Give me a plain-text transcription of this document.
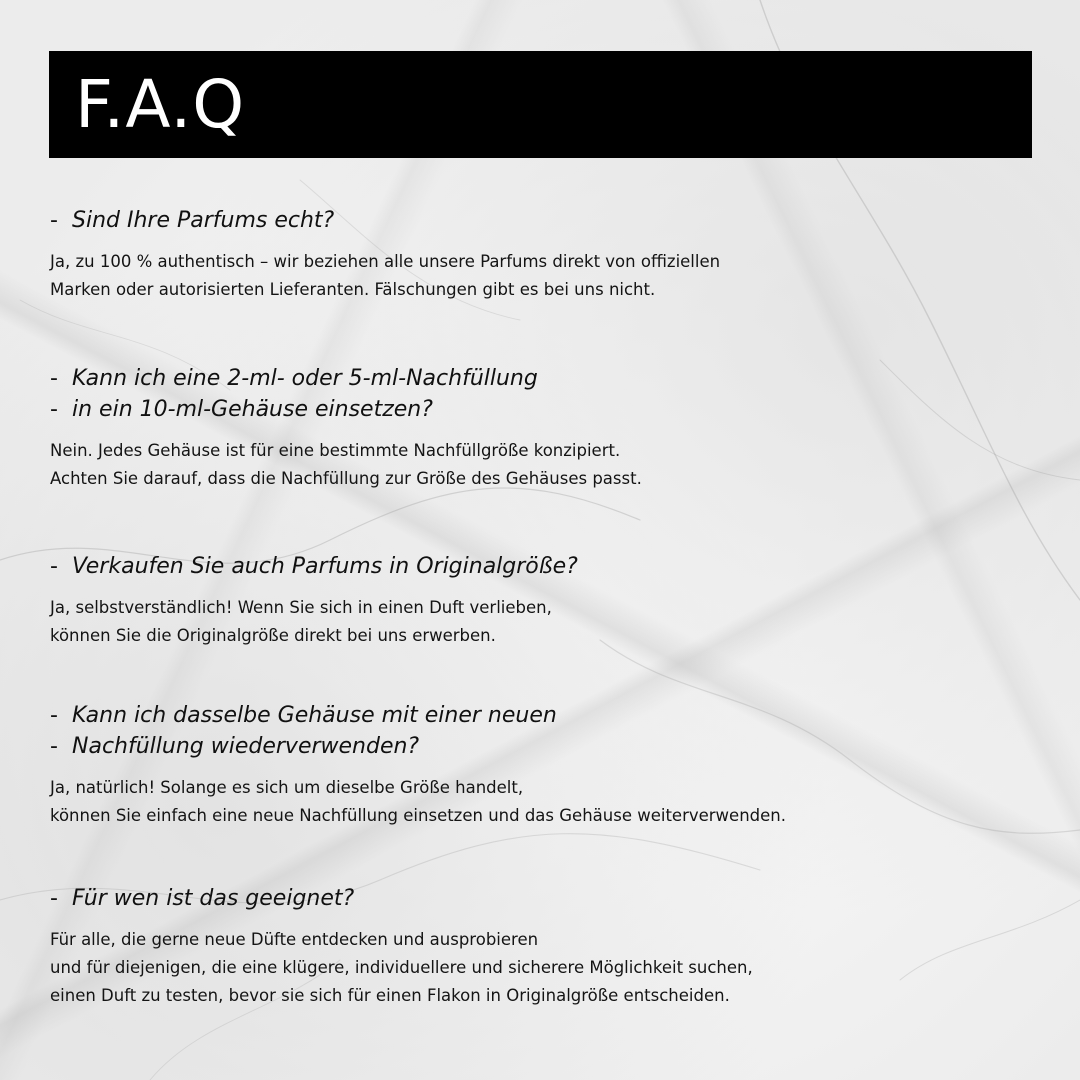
F.A.Q

- Sind Ihre Parfums echt?

Ja, zu 100 % authentisch – wir beziehen alle unsere Parfums direkt von offiziellen
Marken oder autorisierten Lieferanten. Fälschungen gibt es bei uns nicht.

- Kann ich eine 2-ml- oder 5-ml-Nachfüllung

- in ein 10-ml-Gehäuse einsetzen?

Nein. Jedes Gehäuse ist für eine bestimmte Nachfüllgröße konzipiert.
Achten Sie darauf, dass die Nachfüllung zur Größe des Gehäuses passt.

- Verkaufen Sie auch Parfums in Originalgröße?

Ja, selbstverständlich! Wenn Sie sich in einen Duft verlieben,
können Sie die Originalgröße direkt bei uns erwerben.

- Kann ich dasselbe Gehäuse mit einer neuen

- Nachfüllung wiederverwenden?

Ja, natürlich! Solange es sich um dieselbe Größe handelt,
können Sie einfach eine neue Nachfüllung einsetzen und das Gehäuse weiterverwenden.

- Für wen ist das geeignet?

Für alle, die gerne neue Düfte entdecken und ausprobieren
und für diejenigen, die eine klügere, individuellere und sicherere Möglichkeit suchen,
einen Duft zu testen, bevor sie sich für einen Flakon in Originalgröße entscheiden.
